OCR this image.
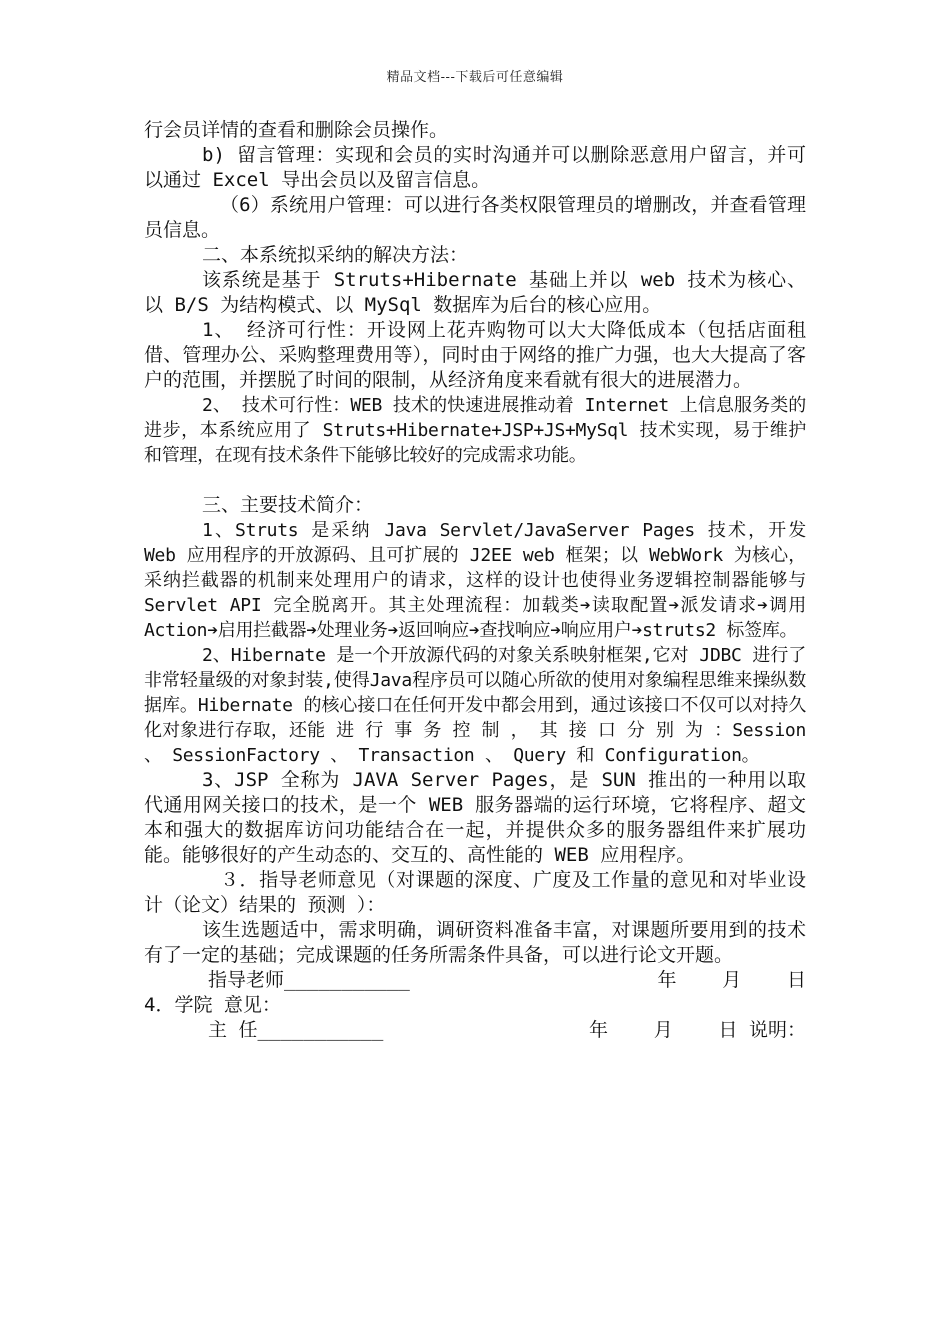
精品文档---下载后可任意编辑

行会员详情的查看和删除会员操作。

b) 留言管理：实现和会员的实时沟通并可以删除恶意用户留言，并可以通过 Excel 导出会员以及留言信息。

（6）系统用户管理：可以进行各类权限管理员的增删改，并查看管理员信息。

二、本系统拟采纳的解决方法：

该系统是基于 Struts+Hibernate 基础上并以 web 技术为核心、以 B/S 为结构模式、以 MySql 数据库为后台的核心应用。

1、 经济可行性：开设网上花卉购物可以大大降低成本（包括店面租借、管理办公、采购整理费用等），同时由于网络的推广力强，也大大提高了客户的范围，并摆脱了时间的限制，从经济角度来看就有很大的进展潜力。

2、 技术可行性：WEB 技术的快速进展推动着 Internet 上信息服务类的进步，本系统应用了 Struts+Hibernate+JSP+JS+MySql 技术实现，易于维护和管理，在现有技术条件下能够比较好的完成需求功能。

三、主要技术简介：

1、Struts 是采纳 Java Servlet/JavaServer Pages 技术，开发 Web 应用程序的开放源码、且可扩展的 J2EE web 框架；以 WebWork 为核心，采纳拦截器的机制来处理用户的请求，这样的设计也使得业务逻辑控制器能够与 Servlet API 完全脱离开。其主处理流程：加载类➔读取配置➔派发请求➔调用 Action➔启用拦截器➔处理业务➔返回响应➔查找响应➔响应用户➔struts2 标签库。

2、Hibernate 是一个开放源代码的对象关系映射框架,它对 JDBC 进行了非常轻量级的对象封装,使得Java程序员可以随心所欲的使用对象编程思维来操纵数据库。Hibernate 的核心接口在任何开发中都会用到，通过该接口不仅可以对持久化对象进行存取，还能 进 行 事 务 控 制 ， 其 接 口 分 别 为 ：Session 、 SessionFactory 、 Transaction 、 Query 和 Configuration。

3、JSP 全称为 JAVA Server Pages，是 SUN 推出的一种用以取代通用网关接口的技术，是一个 WEB 服务器端的运行环境，它将程序、超文本和强大的数据库访问功能结合在一起，并提供众多的服务器组件来扩展功能。能够很好的产生动态的、交互的、高性能的 WEB 应用程序。

３．指导老师意见（对课题的深度、广度及工作量的意见和对毕业设计（论文）结果的 预测 ）：

该生选题适中，需求明确，调研资料准备丰富，对课题所要用到的技术有了一定的基础；完成课题的任务所需条件具备，可以进行论文开题。

指导老师___________	年    月    日

4．学院 意见：

主 任___________	年    月    日 说明：
